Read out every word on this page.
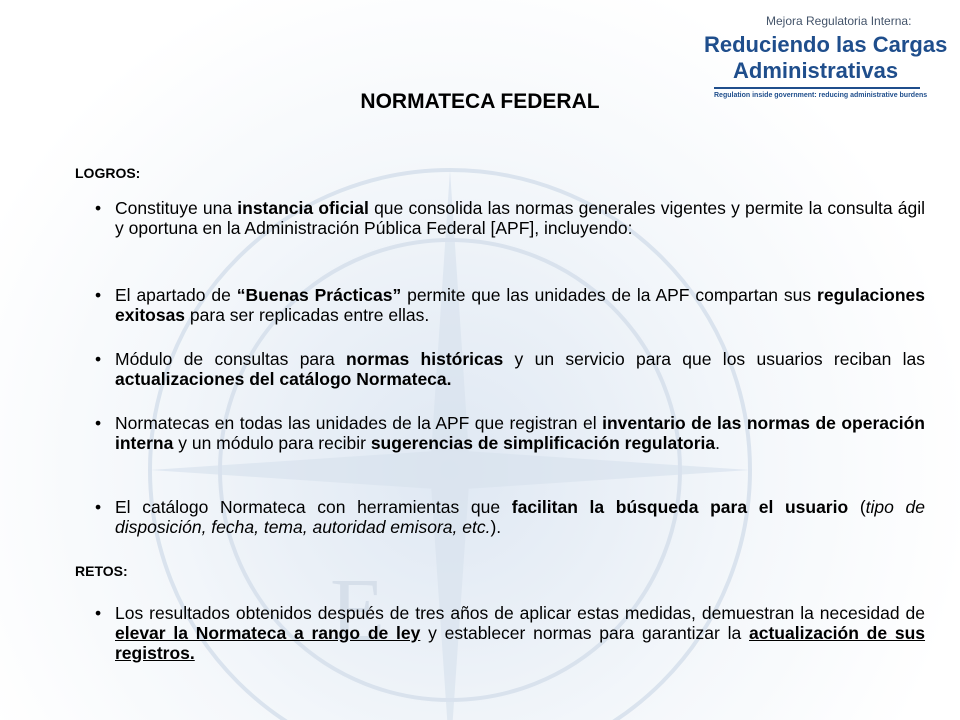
E
Mejora Regulatoria Interna:
Reduciendo las Cargas
Administrativas
Regulation inside government: reducing administrative burdens
NORMATECA FEDERAL
LOGROS:
• Constituye una instancia oficial que consolida las normas generales vigentes y permite la consulta ágil y oportuna en la Administración Pública Federal [APF], incluyendo:
• El apartado de “Buenas Prácticas” permite que las unidades de la APF compartan sus regulaciones exitosas para ser replicadas entre ellas.
• Módulo de consultas para normas históricas y un servicio para que los usuarios reciban las actualizaciones del catálogo Normateca.
• Normatecas en todas las unidades de la APF que registran el inventario de las normas de operación interna y un módulo para recibir sugerencias de simplificación regulatoria.
• El catálogo Normateca con herramientas que facilitan la búsqueda para el usuario (tipo de disposición, fecha, tema, autoridad emisora, etc.).
RETOS:
• Los resultados obtenidos después de tres años de aplicar estas medidas, demuestran la necesidad de elevar la Normateca a rango de ley y establecer normas para garantizar la actualización de sus registros.
